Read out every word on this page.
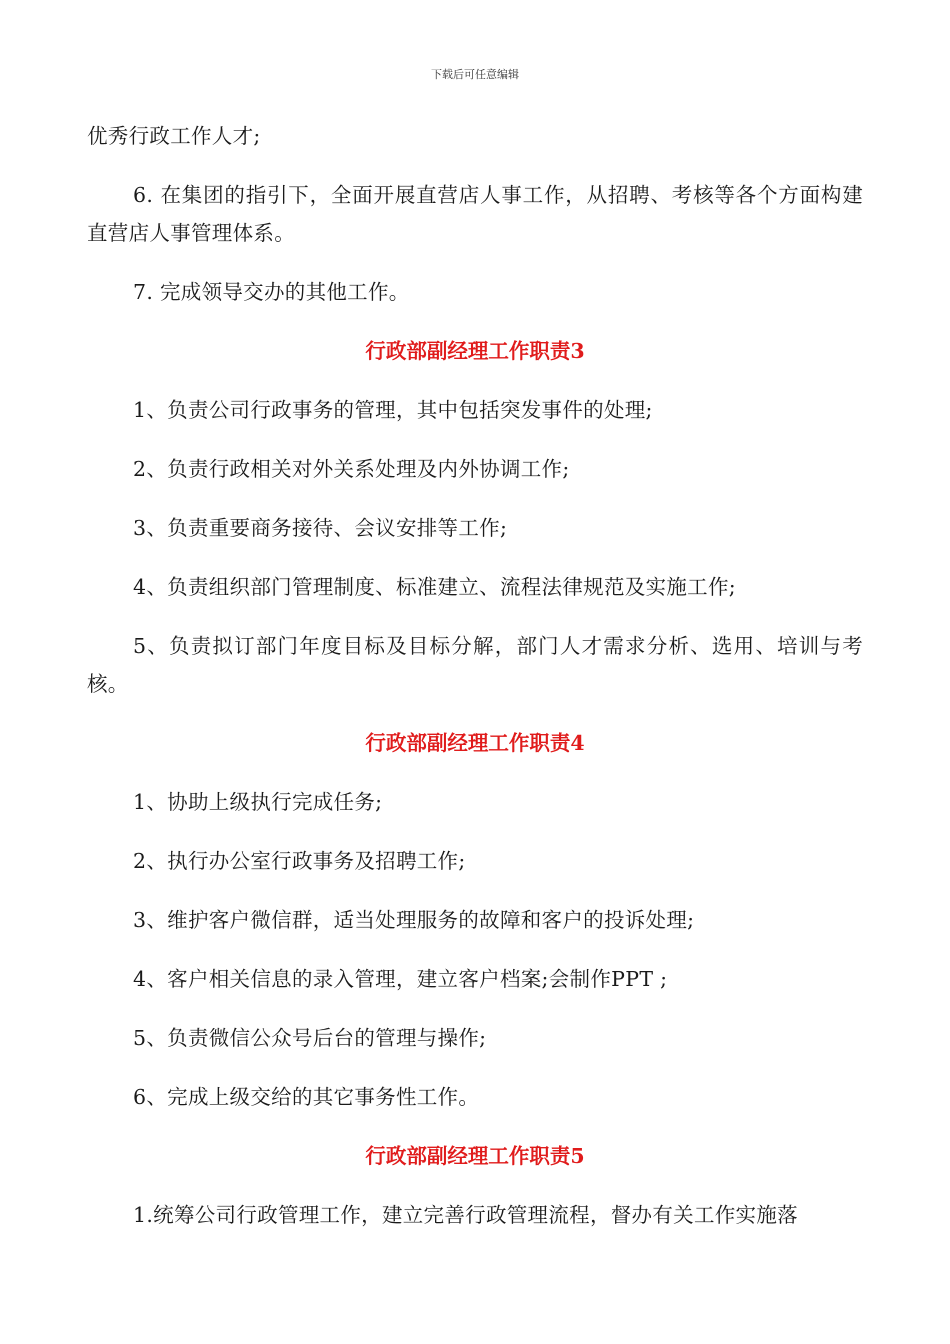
下载后可任意编辑

优秀行政工作人才;

6. 在集团的指引下，全面开展直营店人事工作，从招聘、考核等各个方面构建直营店人事管理体系。

7. 完成领导交办的其他工作。

行政部副经理工作职责3

1、负责公司行政事务的管理，其中包括突发事件的处理;

2、负责行政相关对外关系处理及内外协调工作;

3、负责重要商务接待、会议安排等工作;

4、负责组织部门管理制度、标准建立、流程法律规范及实施工作;

5、负责拟订部门年度目标及目标分解，部门人才需求分析、选用、培训与考核。

行政部副经理工作职责4

1、协助上级执行完成任务;

2、执行办公室行政事务及招聘工作;

3、维护客户微信群，适当处理服务的故障和客户的投诉处理;

4、客户相关信息的录入管理，建立客户档案;会制作PPT ;

5、负责微信公众号后台的管理与操作;

6、完成上级交给的其它事务性工作。

行政部副经理工作职责5

1.统筹公司行政管理工作，建立完善行政管理流程，督办有关工作实施落
